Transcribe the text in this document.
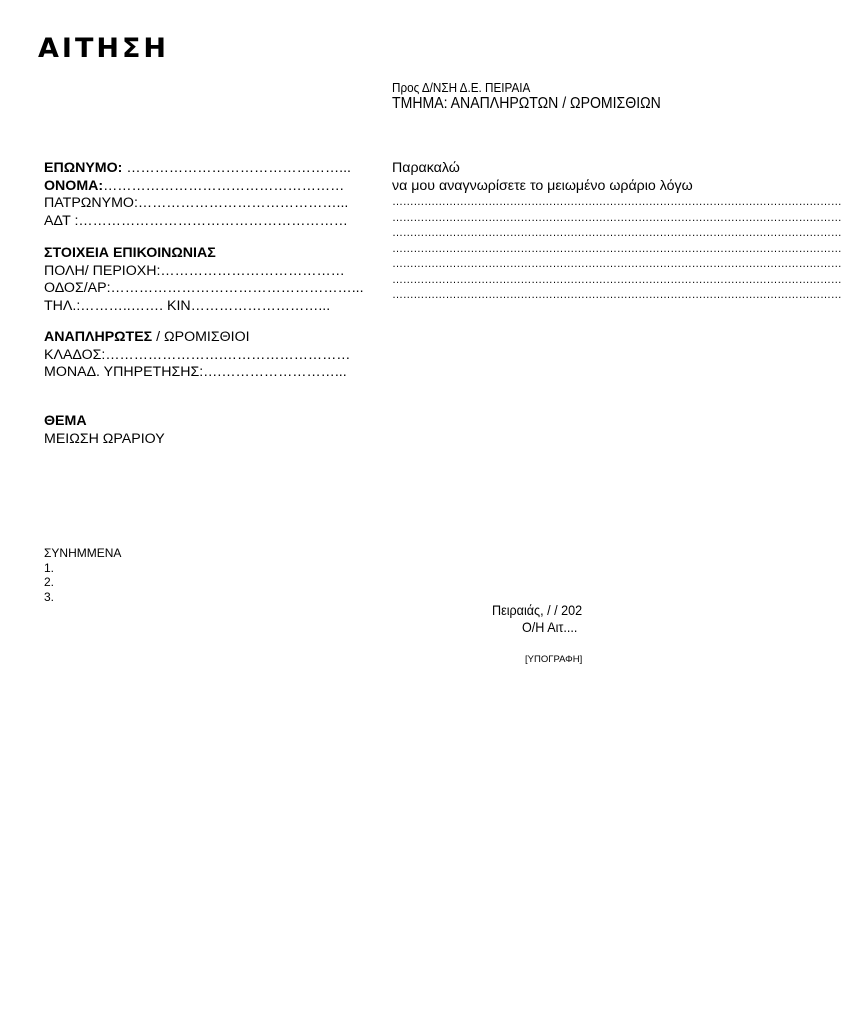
ΑΙΤΗΣΗ
Προς Δ/ΝΣΗ Δ.Ε. ΠΕΙΡΑΙΑ
ΤΜΗΜΑ: ΑΝΑΠΛΗΡΩΤΩΝ / ΩΡΟΜΙΣΘΙΩΝ
ΕΠΩΝΥΜΟ: ………………………………………...
ΟΝΟΜΑ:……………………………………………
ΠΑΤΡΩΝΥΜΟ:……………………………………...
ΑΔΤ :…………………………………………………
ΣΤΟΙΧΕΙΑ ΕΠΙΚΟΙΝΩΝΙΑΣ
ΠΟΛΗ/ ΠΕΡΙΟΧΗ:…………………………………
ΟΔΟΣ/ΑΡ:……………………………………………...
ΤΗΛ.:………..……. ΚΙΝ………………………...
ΑΝΑΠΛΗΡΩΤΕΣ / ΩΡΟΜΙΣΘΙΟΙ
ΚΛΑΔΟΣ:…………………….………………………
ΜΟΝΑΔ. ΥΠΗΡΕΤΗΣΗΣ:….……………………...
ΘΕΜΑ
ΜΕΙΩΣΗ ΩΡΑΡΙΟΥ
Παρακαλώ
να μου αναγνωρίσετε το μειωμένο ωράριο λόγω
………………………………………………………………………………………………………………
………………………………………………………………………………………………………………
………………………………………………………………………………………………………………
………………………………………………………………………………………………………………
………………………………………………………………………………………………………………
………………………………………………………………………………………………………………
………………………………………………………………………………………………………………
ΣΥΝΗΜΜΕΝΑ
1.
2.
3.
Πειραιάς, / / 202
Ο/Η Αιτ....
[ΥΠΟΓΡΑΦΗ]
